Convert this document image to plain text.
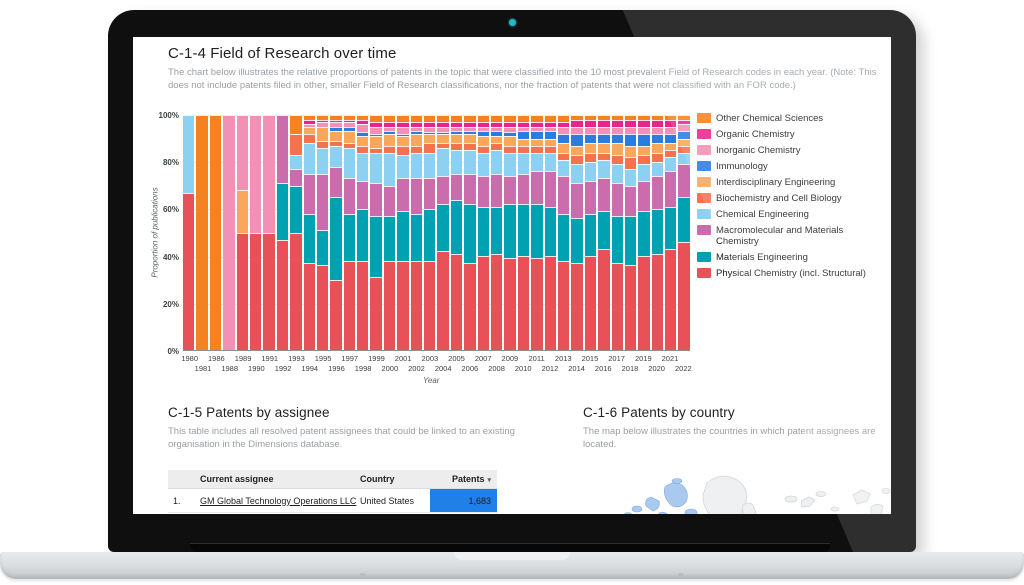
C-1-4 Field of Research over time
The chart below illustrates the relative proportions of patents in the topic that were classified into the 10 most prevalent Field of Research codes in each year. (Note: This does not include patents filed in other, smaller Field of Research classifications, nor the fraction of patents that were not classified with an FOR code.)
Proportion of publications
0%
20%
40%
60%
80%
100%
1980
1981
1986
1988
1989
1990
1991
1992
1993
1994
1995
1996
1997
1998
1999
2000
2001
2002
2003
2004
2005
2006
2007
2008
2009
2010
2011
2012
2013
2014
2015
2016
2017
2018
2019
2020
2021
2022
Year
Other Chemical Sciences
Organic Chemistry
Inorganic Chemistry
Immunology
Interdisciplinary Engineering
Biochemistry and Cell Biology
Chemical Engineering
Macromolecular and Materials Chemistry
Materials Engineering
Physical Chemistry (incl. Structural)
C-1-5 Patents by assignee
This table includes all resolved patent assignees that could be linked to an existing organisation in the Dimensions database.
Current assignee	Country	Patents ▾
1.	GM Global Technology Operations LLC United States	1,683
C-1-6 Patents by country
The map below illustrates the countries in which patent assignees are located.
